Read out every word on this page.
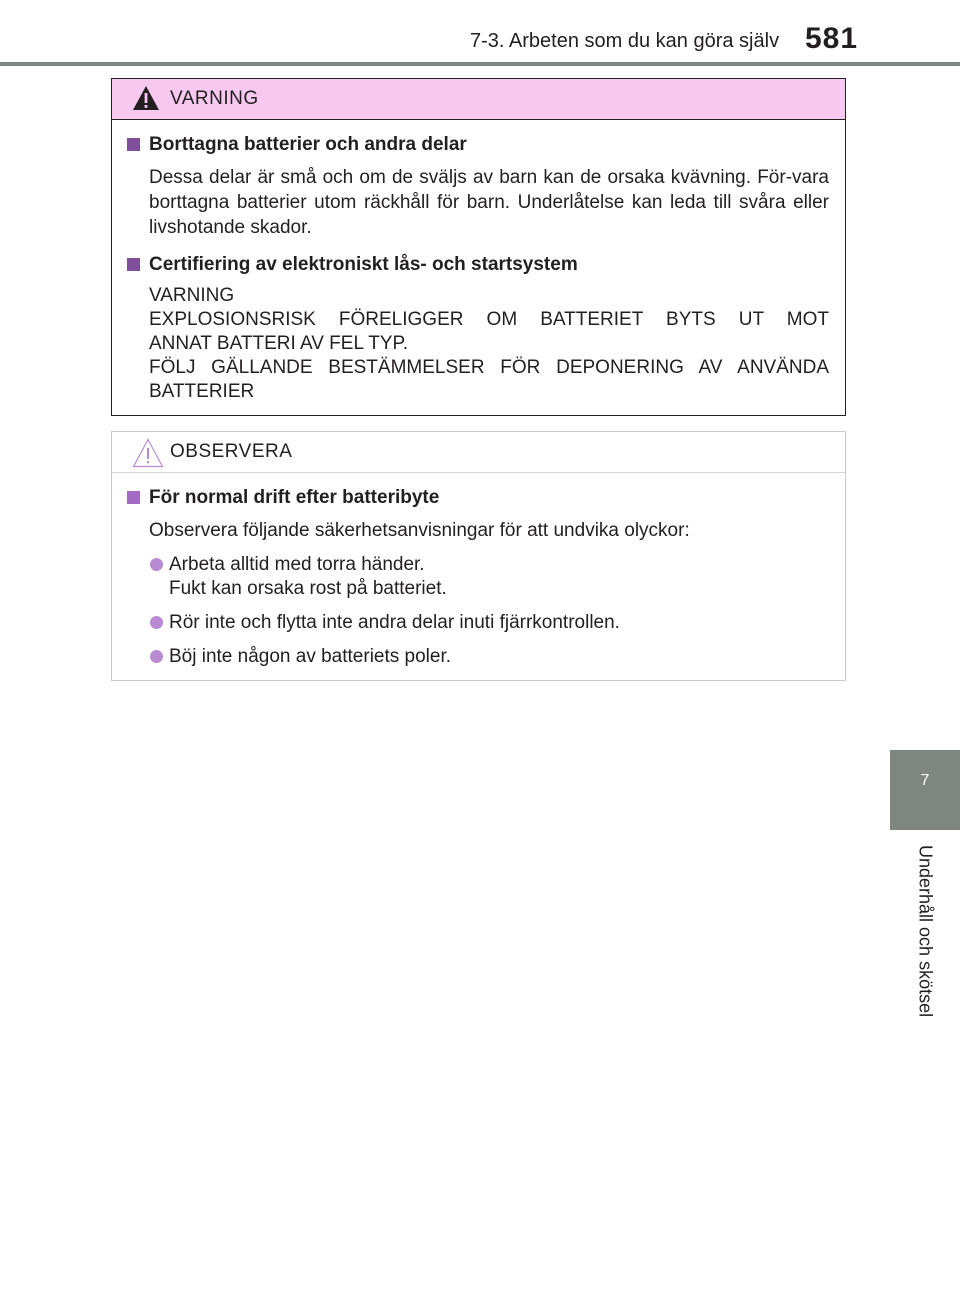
7-3. Arbeten som du kan göra själv 581
7
Underhåll och skötsel
VARNING
Borttagna batterier och andra delar

Dessa delar är små och om de sväljs av barn kan de orsaka kvävning. För-vara borttagna batterier utom räckhåll för barn. Underlåtelse kan leda till svåra eller livshotande skador.

Certifiering av elektroniskt lås- och startsystem
VARNING
EXPLOSIONSRISK FÖRELIGGER OM BATTERIET BYTS UT MOT
ANNAT BATTERI AV FEL TYP.
FÖLJ GÄLLANDE BESTÄMMELSER FÖR DEPONERING AV ANVÄNDA
BATTERIER
OBSERVERA
För normal drift efter batteribyte

Observera följande säkerhetsanvisningar för att undvika olyckor:

Arbeta alltid med torra händer.
Fukt kan orsaka rost på batteriet.
Rör inte och flytta inte andra delar inuti fjärrkontrollen.
Böj inte någon av batteriets poler.
